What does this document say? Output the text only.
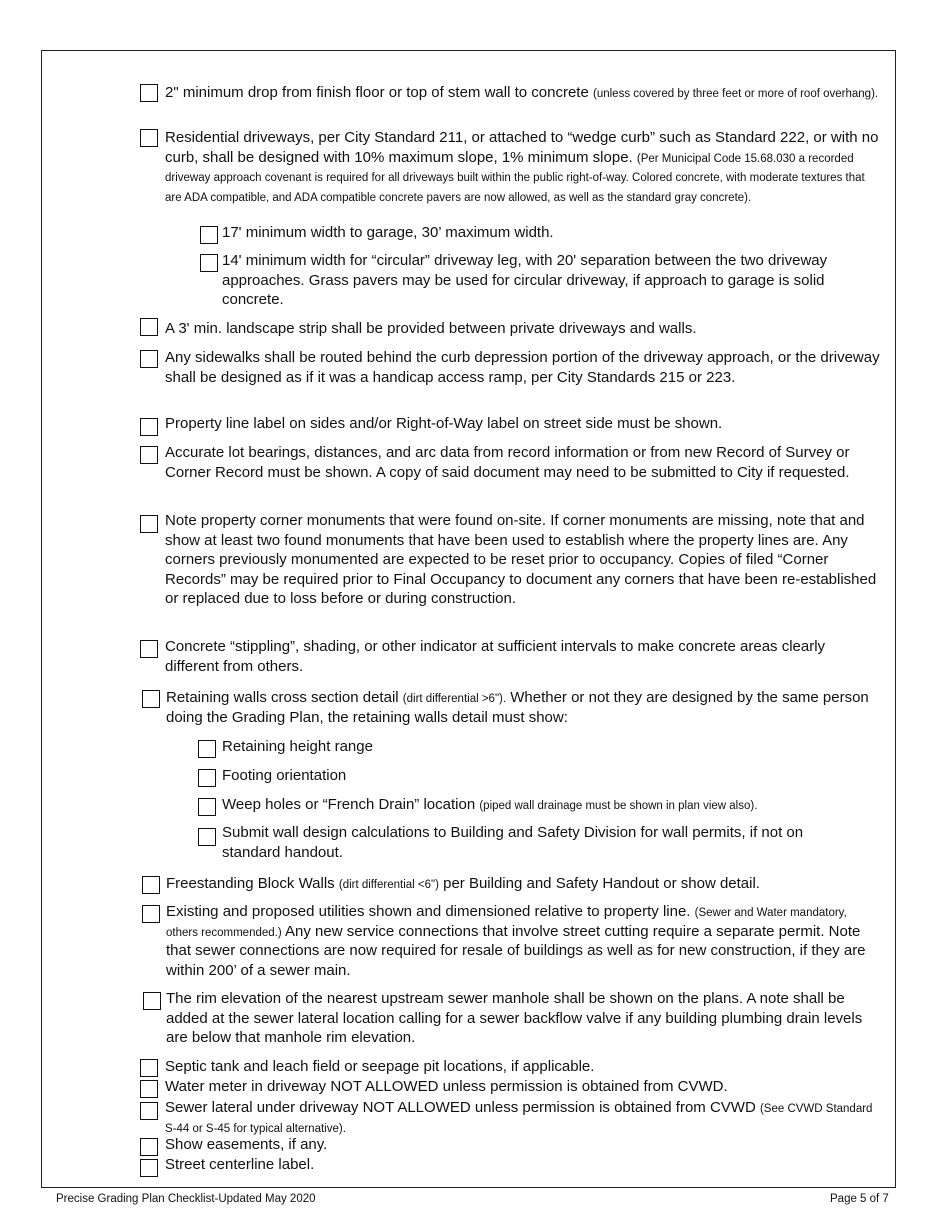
2" minimum drop from finish floor or top of stem wall to concrete (unless covered by three feet or more of roof overhang).
Residential driveways, per City Standard 211, or attached to “wedge curb” such as Standard 222, or with no curb, shall be designed with 10% maximum slope, 1% minimum slope. (Per Municipal Code 15.68.030 a recorded driveway approach covenant is required for all driveways built within the public right-of-way. Colored concrete, with moderate textures that are ADA compatible, and ADA compatible concrete pavers are now allowed, as well as the standard gray concrete).
17' minimum width to garage, 30’ maximum width.
14' minimum width for “circular” driveway leg, with 20' separation between the two driveway approaches. Grass pavers may be used for circular driveway, if approach to garage is solid concrete.
A 3' min. landscape strip shall be provided between private driveways and walls.
Any sidewalks shall be routed behind the curb depression portion of the driveway approach, or the driveway shall be designed as if it was a handicap access ramp, per City Standards 215 or 223.
Property line label on sides and/or Right-of-Way label on street side must be shown.
Accurate lot bearings, distances, and arc data from record information or from new Record of Survey or Corner Record must be shown. A copy of said document may need to be submitted to City if requested.
Note property corner monuments that were found on-site. If corner monuments are missing, note that and show at least two found monuments that have been used to establish where the property lines are. Any corners previously monumented are expected to be reset prior to occupancy. Copies of filed “Corner Records” may be required prior to Final Occupancy to document any corners that have been re-established or replaced due to loss before or during construction.
Concrete “stippling”, shading, or other indicator at sufficient intervals to make concrete areas clearly different from others.
Retaining walls cross section detail (dirt differential >6"). Whether or not they are designed by the same person doing the Grading Plan, the retaining walls detail must show:
Retaining height range
Footing orientation
Weep holes or “French Drain” location (piped wall drainage must be shown in plan view also).
Submit wall design calculations to Building and Safety Division for wall permits, if not on standard handout.
Freestanding Block Walls (dirt differential <6") per Building and Safety Handout or show detail.
Existing and proposed utilities shown and dimensioned relative to property line. (Sewer and Water mandatory, others recommended.) Any new service connections that involve street cutting require a separate permit. Note that sewer connections are now required for resale of buildings as well as for new construction, if they are within 200’ of a sewer main.
The rim elevation of the nearest upstream sewer manhole shall be shown on the plans. A note shall be added at the sewer lateral location calling for a sewer backflow valve if any building plumbing drain levels are below that manhole rim elevation.
Septic tank and leach field or seepage pit locations, if applicable.
Water meter in driveway NOT ALLOWED unless permission is obtained from CVWD.
Sewer lateral under driveway NOT ALLOWED unless permission is obtained from CVWD (See CVWD Standard S-44 or S-45 for typical alternative).
Show easements, if any.
Street centerline label.
Precise Grading Plan Checklist-Updated May 2020	Page 5 of 7
